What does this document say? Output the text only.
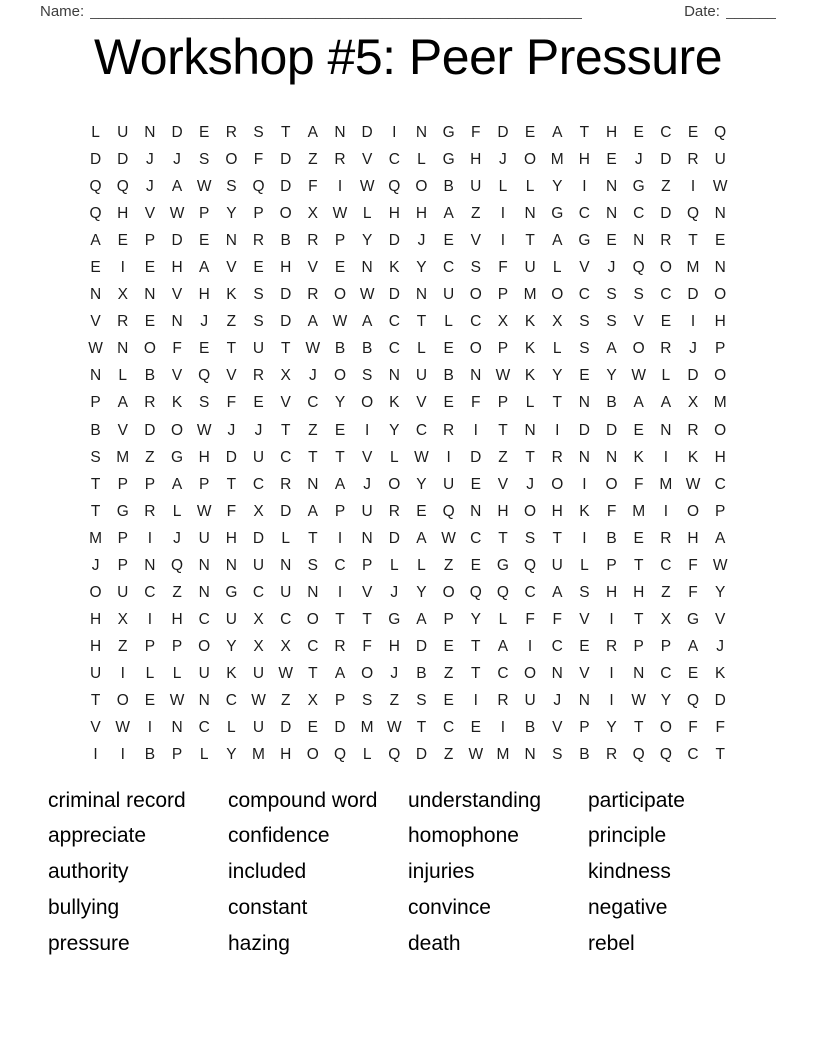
Name: ___________________________________________________________	Date: ______
Workshop #5: Peer Pressure
L	U	N	D	E	R	S	T	A	N	D	I	N	G	F	D	E	A	T	H	E	C	E	Q
D	D	J	J	S	O	F	D	Z	R	V	C	L	G	H	J	O M H	E	J	D	R	U
Q Q	J	A W S	Q	D	F	I	W Q O	B	U	L	L	Y	I	N	G	Z	I	W
Q	H	V W P	Y	P	O	X W	L	H	H	A	Z	I	N	G	C	N	C	D	Q	N
A	E	P	D	E	N	R	B	R	P	Y	D	J	E	V	I	T	A	G	E	N	R	T	E
E	I	E	H	A	V	E	H	V	E	N	K	Y	C	S	F	U	L	V	J	Q O M N
N	X	N	V	H	K	S	D	R	O W D	N	U	O	P	M O	C	S	S	C	D	O
V	R	E	N	J	Z	S	D	A W A	C	T	L	C	X	K	X	S	S	V	E	I	H
W N	O	F	E	T	U	T W B	B	C	L	E	O	P	K	L	S	A	O	R	J	P
N	L	B	V	Q	V	R	X	J	O	S	N	U	B	N W K	Y	E	Y W	L	D	O
P	A	R	K	S	F	E	V	C	Y	O	K	V	E	F	P	L	T	N	B	A	A	X	M
B	V	D	O W	J	J	T	Z	E	I	Y	C	R	I	T	N	I	D	D	E	N	R	O
S	M	Z	G	H	D	U	C	T	T	V	L	W	I	D	Z	T	R	N	N	K	I	K	H
T	P	P	A	P	T	C	R	N	A	J	O	Y	U	E	V	J	O	I	O	F	M W C
T	G	R	L	W F	X	D	A	P	U	R	E	Q	N	H	O	H	K	F	M	I	O	P
M	P	I	J	U	H	D	L	T	I	N	D	A W C	T	S	T	I	B	E	R	H	A
J	P	N	Q	N	N	U	N	S	C	P	L	L	Z	E	G Q	U	L	P	T	C	F W
O	U	C	Z	N	G	C	U	N	I	V	J	Y	O Q Q	C	A	S	H	H	Z	F	Y
H	X	I	H	C	U	X	C	O	T	T	G	A	P	Y	L	F	F	V	I	T	X	G	V
H	Z	P	P	O	Y	X	X	C	R	F	H	D	E	T	A	I	C	E	R	P	P	A	J
U	I	L	L	U	K	U W T	A	O	J	B	Z	T	C	O	N	V	I	N	C	E	K
T	O	E W N	C W Z	X	P	S	Z	S	E	I	R	U	J	N	I	W Y	Q	D
V W	I	N	C	L	U	D	E	D M W T	C	E	I	B	V	P	Y	T	O	F	F
I	I	B	P	L	Y	M H	O Q	L	Q	D	Z W M N	S	B	R	Q Q	C	T
criminal record
appreciate
authority
bullying
pressure
compound word
confidence
included
constant
hazing
understanding
homophone
injuries
convince
death
participate
principle
kindness
negative
rebel
